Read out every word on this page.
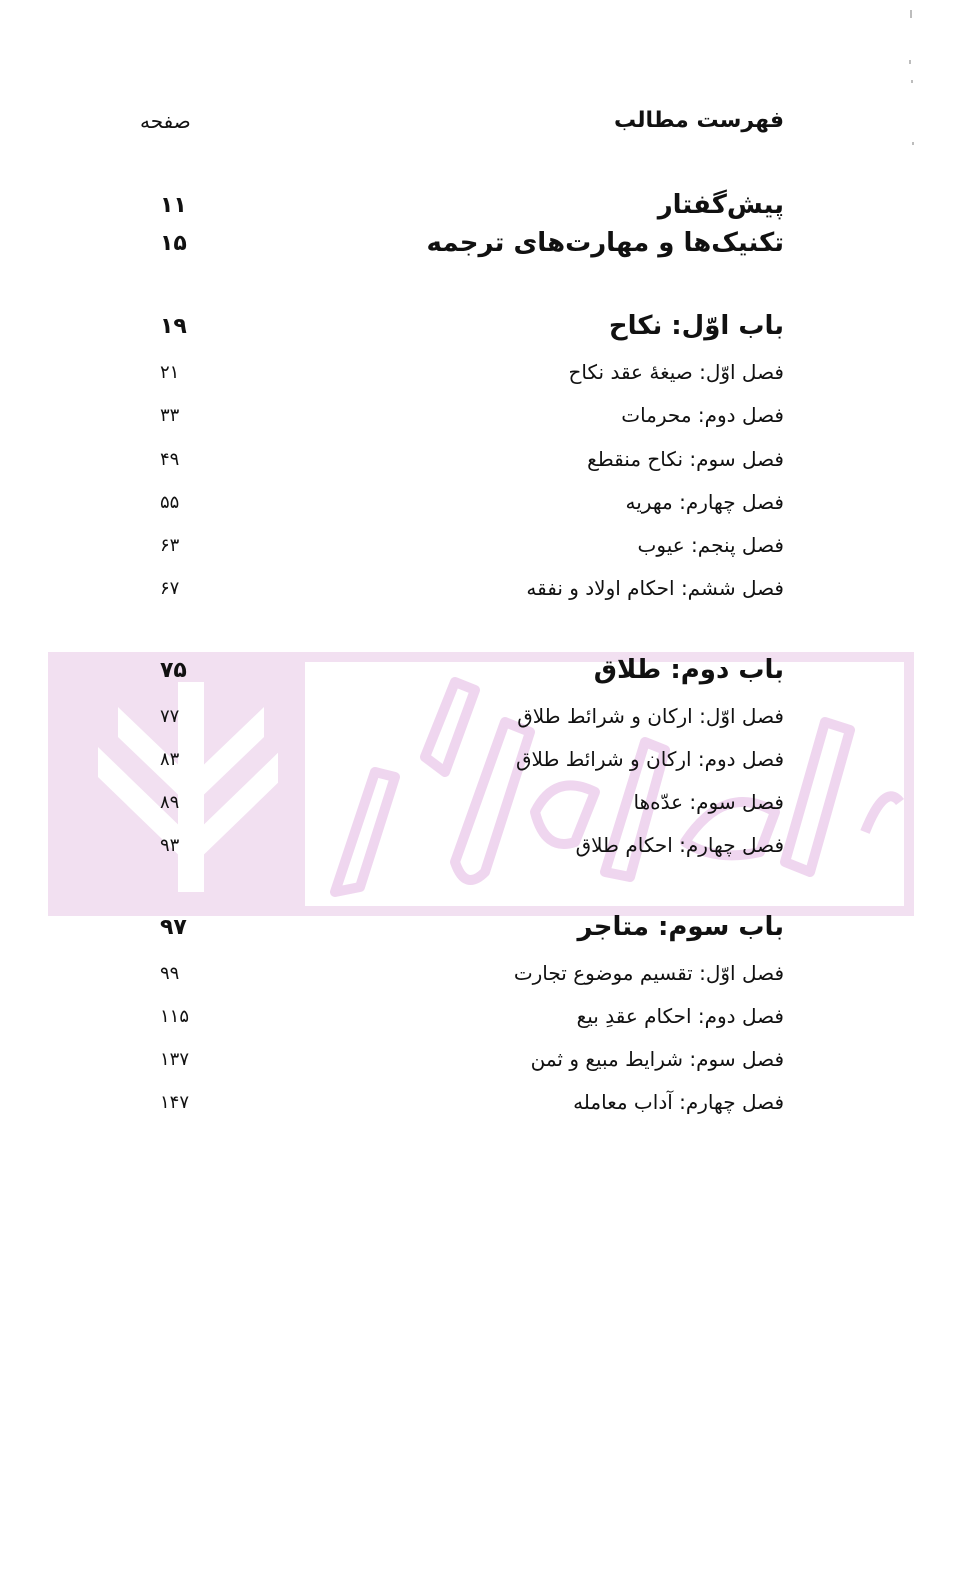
صفحه	فهرست مطالب
۱۱	پیش‌گفتار
۱۵	تکنیک‌ها و مهارت‌های ترجمه
۱۹	باب اوّل: نکاح
۲۱	فصل اوّل: صیغهٔ عقد نکاح
۳۳	فصل دوم: محرمات
۴۹	فصل سوم: نکاح منقطع
۵۵	فصل چهارم: مهریه
۶۳	فصل پنجم: عیوب
۶۷	فصل ششم: احکام اولاد و نفقه
۷۵	باب دوم: طلاق
۷۷	فصل اوّل: ارکان و شرائط طلاق
۸۳	فصل دوم: ارکان و شرائط طلاق
۸۹	فصل سوم: عدّه‌ها
۹۳	فصل چهارم: احکام طلاق
۹۷	باب سوم: متاجر
۹۹	فصل اوّل: تقسیم موضوع تجارت
۱۱۵	فصل دوم: احکام عقدِ بیع
۱۳۷	فصل سوم: شرایط مبیع و ثمن
۱۴۷	فصل چهارم: آداب معامله
